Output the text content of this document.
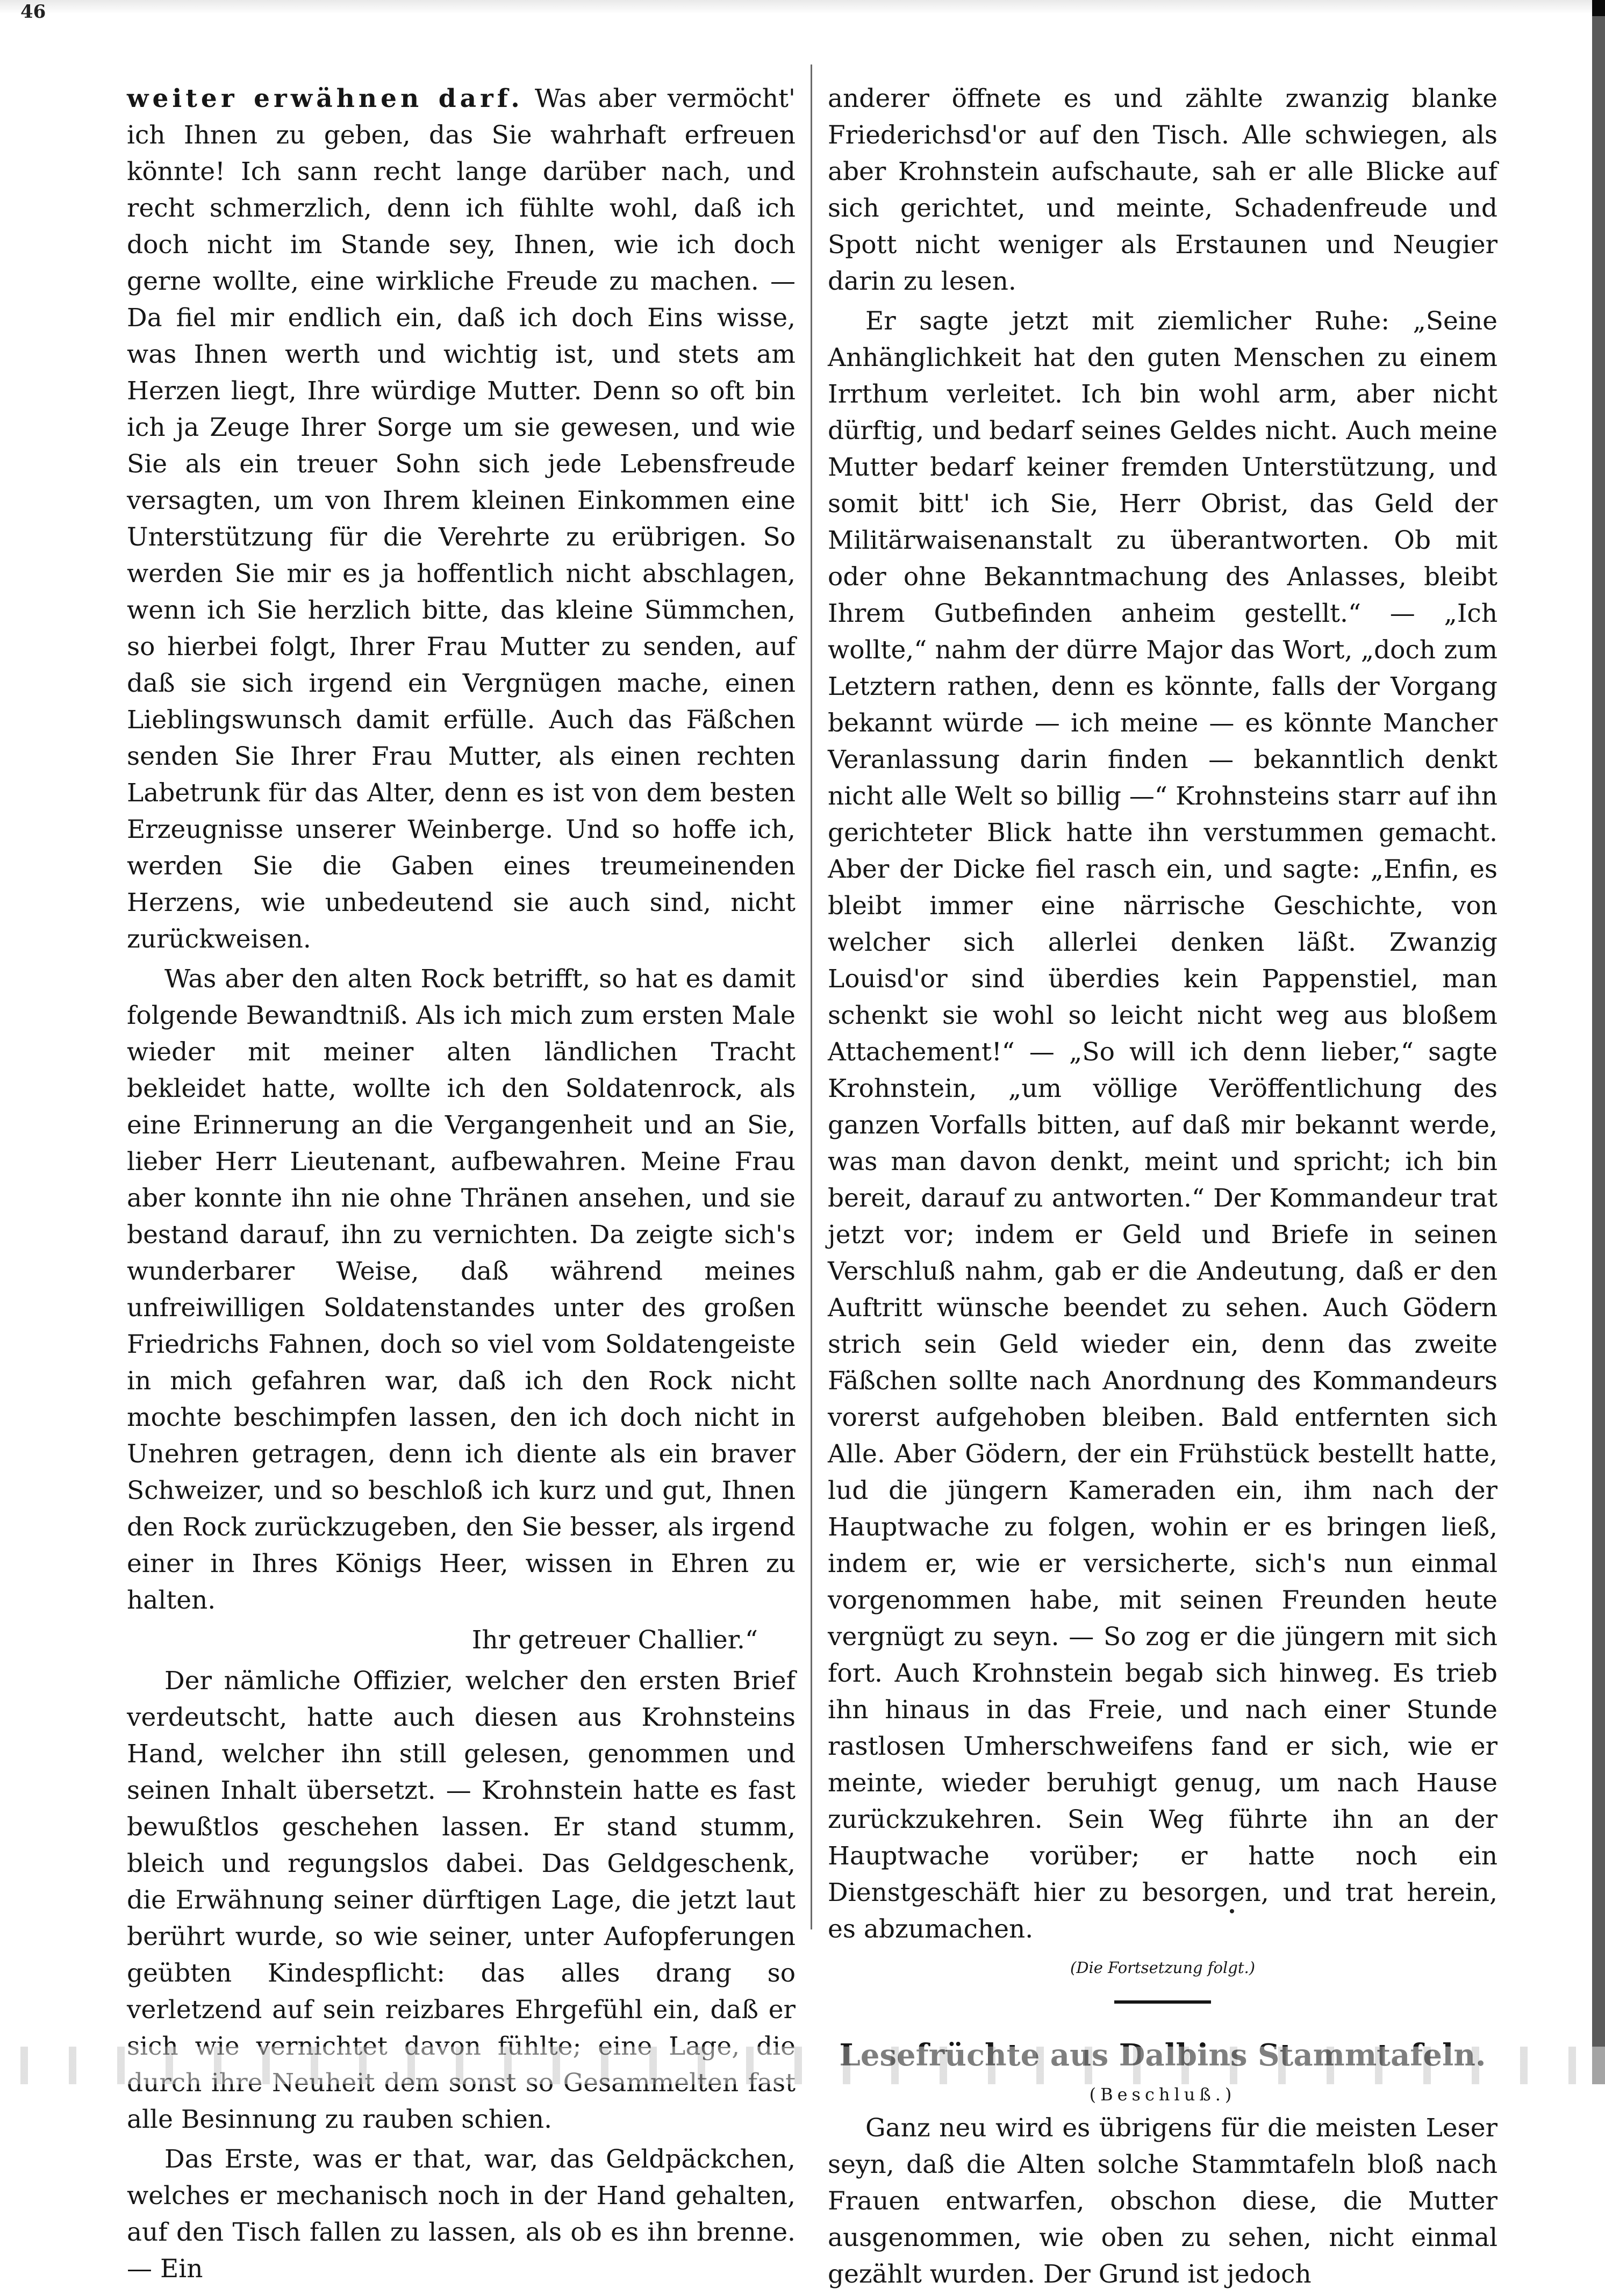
46

weiter erwähnen darf. Was aber vermöcht' ich Ihnen zu geben, das Sie wahrhaft erfreuen könnte! Ich sann recht lange darüber nach, und recht schmerzlich, denn ich fühlte wohl, daß ich doch nicht im Stande sey, Ihnen, wie ich doch gerne wollte, eine wirkliche Freude zu machen. — Da fiel mir endlich ein, daß ich doch Eins wisse, was Ihnen werth und wichtig ist, und stets am Herzen liegt, Ihre würdige Mutter. Denn so oft bin ich ja Zeuge Ihrer Sorge um sie gewesen, und wie Sie als ein treuer Sohn sich jede Lebensfreude versagten, um von Ihrem kleinen Einkommen eine Unterstützung für die Verehrte zu erübrigen. So werden Sie mir es ja hoffentlich nicht abschlagen, wenn ich Sie herzlich bitte, das kleine Sümmchen, so hierbei folgt, Ihrer Frau Mutter zu senden, auf daß sie sich irgend ein Vergnügen mache, einen Lieblingswunsch damit erfülle. Auch das Fäßchen senden Sie Ihrer Frau Mutter, als einen rechten Labetrunk für das Alter, denn es ist von dem besten Erzeugnisse unserer Weinberge. Und so hoffe ich, werden Sie die Gaben eines treumeinenden Herzens, wie unbedeutend sie auch sind, nicht zurückweisen.

Was aber den alten Rock betrifft, so hat es damit folgende Bewandtniß. Als ich mich zum ersten Male wieder mit meiner alten ländlichen Tracht bekleidet hatte, wollte ich den Soldatenrock, als eine Erinnerung an die Vergangenheit und an Sie, lieber Herr Lieutenant, aufbewahren. Meine Frau aber konnte ihn nie ohne Thränen ansehen, und sie bestand darauf, ihn zu vernichten. Da zeigte sich's wunderbarer Weise, daß während meines unfreiwilligen Soldatenstandes unter des großen Friedrichs Fahnen, doch so viel vom Soldatengeiste in mich gefahren war, daß ich den Rock nicht mochte beschimpfen lassen, den ich doch nicht in Unehren getragen, denn ich diente als ein braver Schweizer, und so beschloß ich kurz und gut, Ihnen den Rock zurückzugeben, den Sie besser, als irgend einer in Ihres Königs Heer, wissen in Ehren zu halten.

Ihr getreuer Challier.“

Der nämliche Offizier, welcher den ersten Brief verdeutscht, hatte auch diesen aus Krohnsteins Hand, welcher ihn still gelesen, genommen und seinen Inhalt übersetzt. — Krohnstein hatte es fast bewußtlos geschehen lassen. Er stand stumm, bleich und regungslos dabei. Das Geldgeschenk, die Erwähnung seiner dürftigen Lage, die jetzt laut berührt wurde, so wie seiner, unter Aufopferungen geübten Kindespflicht: das alles drang so verletzend auf sein reizbares Ehrgefühl ein, daß er sich wie vernichtet davon fühlte; eine Lage, die durch ihre Neuheit dem sonst so Gesammelten fast alle Besinnung zu rauben schien.

Das Erste, was er that, war, das Geldpäckchen, welches er mechanisch noch in der Hand gehalten, auf den Tisch fallen zu lassen, als ob es ihn brenne. — Ein

anderer öffnete es und zählte zwanzig blanke Friederichsd'or auf den Tisch. Alle schwiegen, als aber Krohnstein aufschaute, sah er alle Blicke auf sich gerichtet, und meinte, Schadenfreude und Spott nicht weniger als Erstaunen und Neugier darin zu lesen.

Er sagte jetzt mit ziemlicher Ruhe: „Seine Anhänglichkeit hat den guten Menschen zu einem Irrthum verleitet. Ich bin wohl arm, aber nicht dürftig, und bedarf seines Geldes nicht. Auch meine Mutter bedarf keiner fremden Unterstützung, und somit bitt' ich Sie, Herr Obrist, das Geld der Militärwaisenanstalt zu überantworten. Ob mit oder ohne Bekanntmachung des Anlasses, bleibt Ihrem Gutbefinden anheim gestellt.“ — „Ich wollte,“ nahm der dürre Major das Wort, „doch zum Letztern rathen, denn es könnte, falls der Vorgang bekannt würde — ich meine — es könnte Mancher Veranlassung darin finden — bekanntlich denkt nicht alle Welt so billig —“ Krohnsteins starr auf ihn gerichteter Blick hatte ihn verstummen gemacht. Aber der Dicke fiel rasch ein, und sagte: „Enfin, es bleibt immer eine närrische Geschichte, von welcher sich allerlei denken läßt. Zwanzig Louisd'or sind überdies kein Pappenstiel, man schenkt sie wohl so leicht nicht weg aus bloßem Attachement!“ — „So will ich denn lieber,“ sagte Krohnstein, „um völlige Veröffentlichung des ganzen Vorfalls bitten, auf daß mir bekannt werde, was man davon denkt, meint und spricht; ich bin bereit, darauf zu antworten.“ Der Kommandeur trat jetzt vor; indem er Geld und Briefe in seinen Verschluß nahm, gab er die Andeutung, daß er den Auftritt wünsche beendet zu sehen. Auch Gödern strich sein Geld wieder ein, denn das zweite Fäßchen sollte nach Anordnung des Kommandeurs vorerst aufgehoben bleiben. Bald entfernten sich Alle. Aber Gödern, der ein Frühstück bestellt hatte, lud die jüngern Kameraden ein, ihm nach der Hauptwache zu folgen, wohin er es bringen ließ, indem er, wie er versicherte, sich's nun einmal vorgenommen habe, mit seinen Freunden heute vergnügt zu seyn. — So zog er die jüngern mit sich fort. Auch Krohnstein begab sich hinweg. Es trieb ihn hinaus in das Freie, und nach einer Stunde rastlosen Umherschweifens fand er sich, wie er meinte, wieder beruhigt genug, um nach Hause zurückzukehren. Sein Weg führte ihn an der Hauptwache vorüber; er hatte noch ein Dienstgeschäft hier zu besorgen, und trat herein, es abzumachen.

(Die Fortsetzung folgt.)
Lesefrüchte aus Dalbins Stammtafeln.
(Beschluß.)

Ganz neu wird es übrigens für die meisten Leser seyn, daß die Alten solche Stammtafeln bloß nach Frauen entwarfen, obschon diese, die Mutter ausgenommen, wie oben zu sehen, nicht einmal gezählt wurden. Der Grund ist jedoch
